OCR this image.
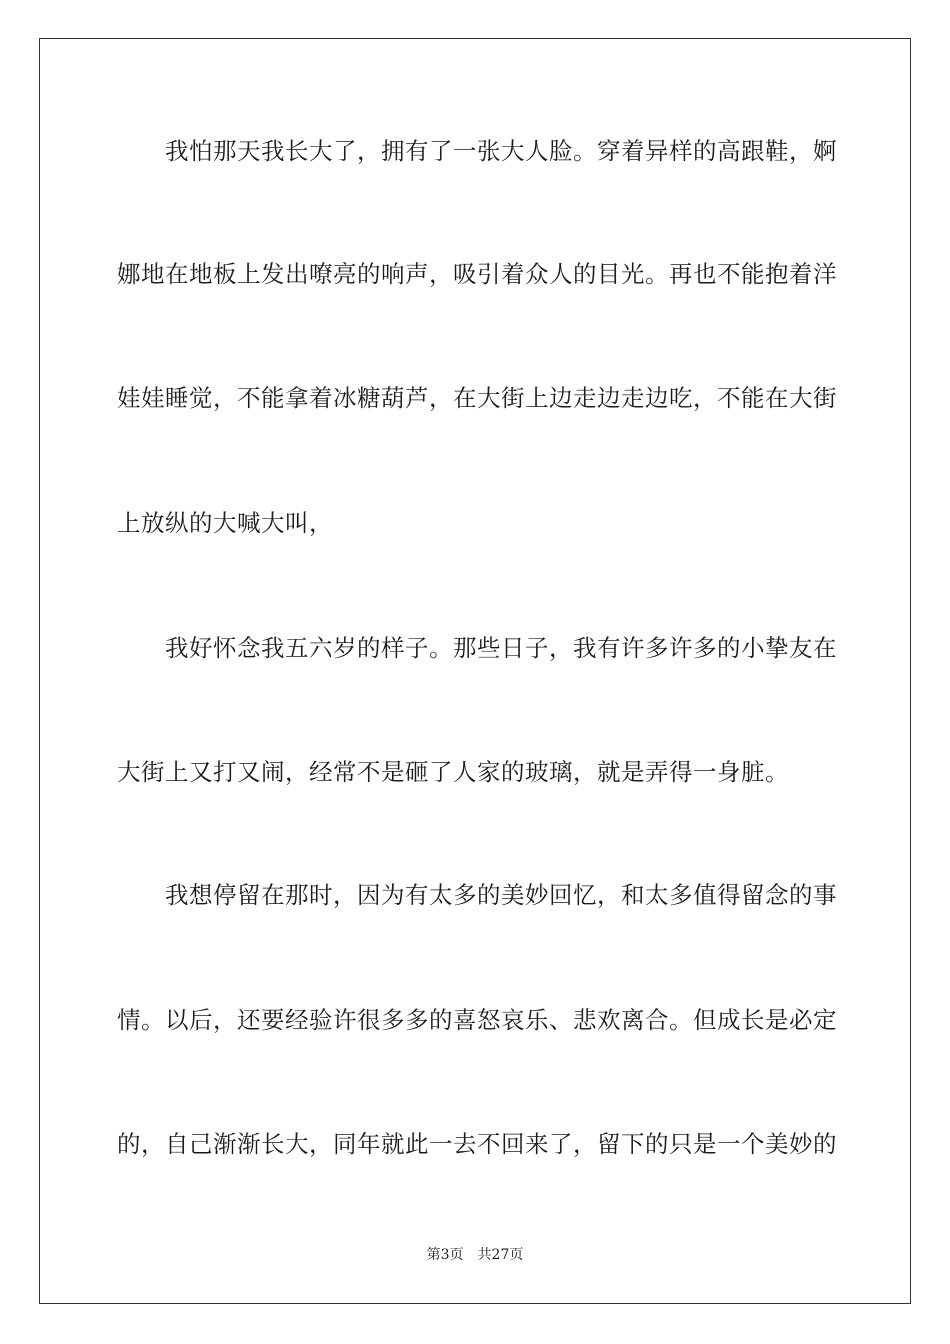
我怕那天我长大了，拥有了一张大人脸。穿着异样的高跟鞋，婀
娜地在地板上发出嘹亮的响声，吸引着众人的目光。再也不能抱着洋
娃娃睡觉，不能拿着冰糖葫芦，在大街上边走边走边吃，不能在大街
上放纵的大喊大叫，
我好怀念我五六岁的样子。那些日子，我有许多许多的小挚友在
大街上又打又闹，经常不是砸了人家的玻璃，就是弄得一身脏。
我想停留在那时，因为有太多的美妙回忆，和太多值得留念的事
情。以后，还要经验许很多多的喜怒哀乐、悲欢离合。但成长是必定
的，自己渐渐长大，同年就此一去不回来了，留下的只是一个美妙的
第3页　共27页
